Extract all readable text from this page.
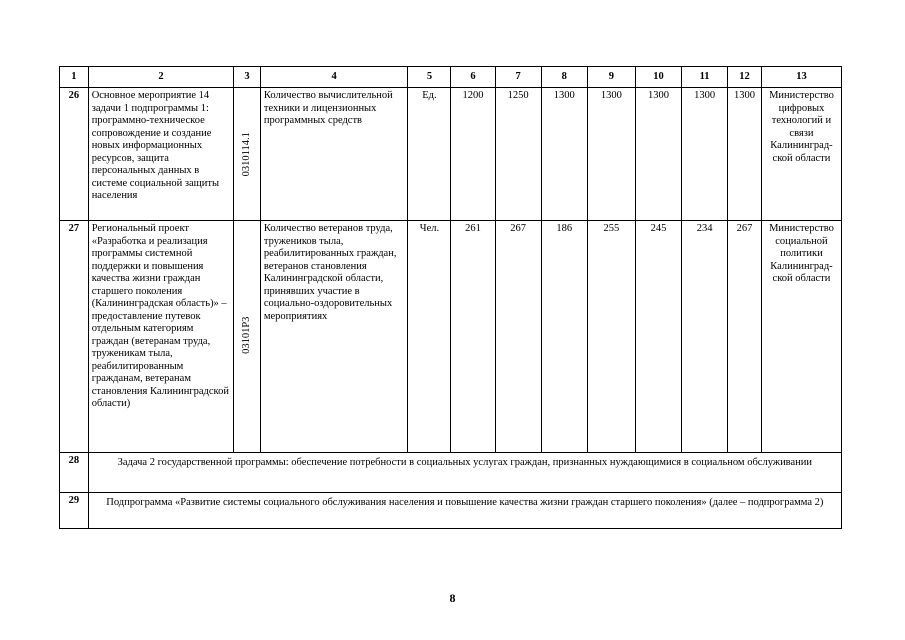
1	2	3	4	5	6	7	8	9	10	11	12	13
26	Основное мероприятие 14 задачи 1 подпрограммы 1: программно-техническое сопровождение и создание новых информационных ресурсов, защита персональных данных в системе социальной защиты населения	0310114.1	Количество вычислительной техники и лицензионных программных средств	Ед.	1200	1250	1300	1300	1300	1300	1300	Министерство цифровых технологий и связи Калининград-ской области
27	Региональный проект «Разработка и реализация программы системной поддержки и повышения качества жизни граждан старшего поколения (Калининградская область)» – предоставление путевок отдельным категориям граждан (ветеранам труда, труженикам тыла, реабилитированным гражданам, ветеранам становления Калининградской области)	03101Р3	Количество ветеранов труда, тружеников тыла, реабилитированных граждан, ветеранов становления Калининградской области, принявших участие в социально-оздоровительных мероприятиях	Чел.	261	267	186	255	245	234	267	Министерство социальной политики Калининград-ской области
28	Задача 2 государственной программы: обеспечение потребности в социальных услугах граждан, признанных нуждающимися в социальном обслуживании											
29	Подпрограмма «Развитие системы социального обслуживания населения и повышение качества жизни граждан старшего поколения» (далее – подпрограмма 2)											
8
